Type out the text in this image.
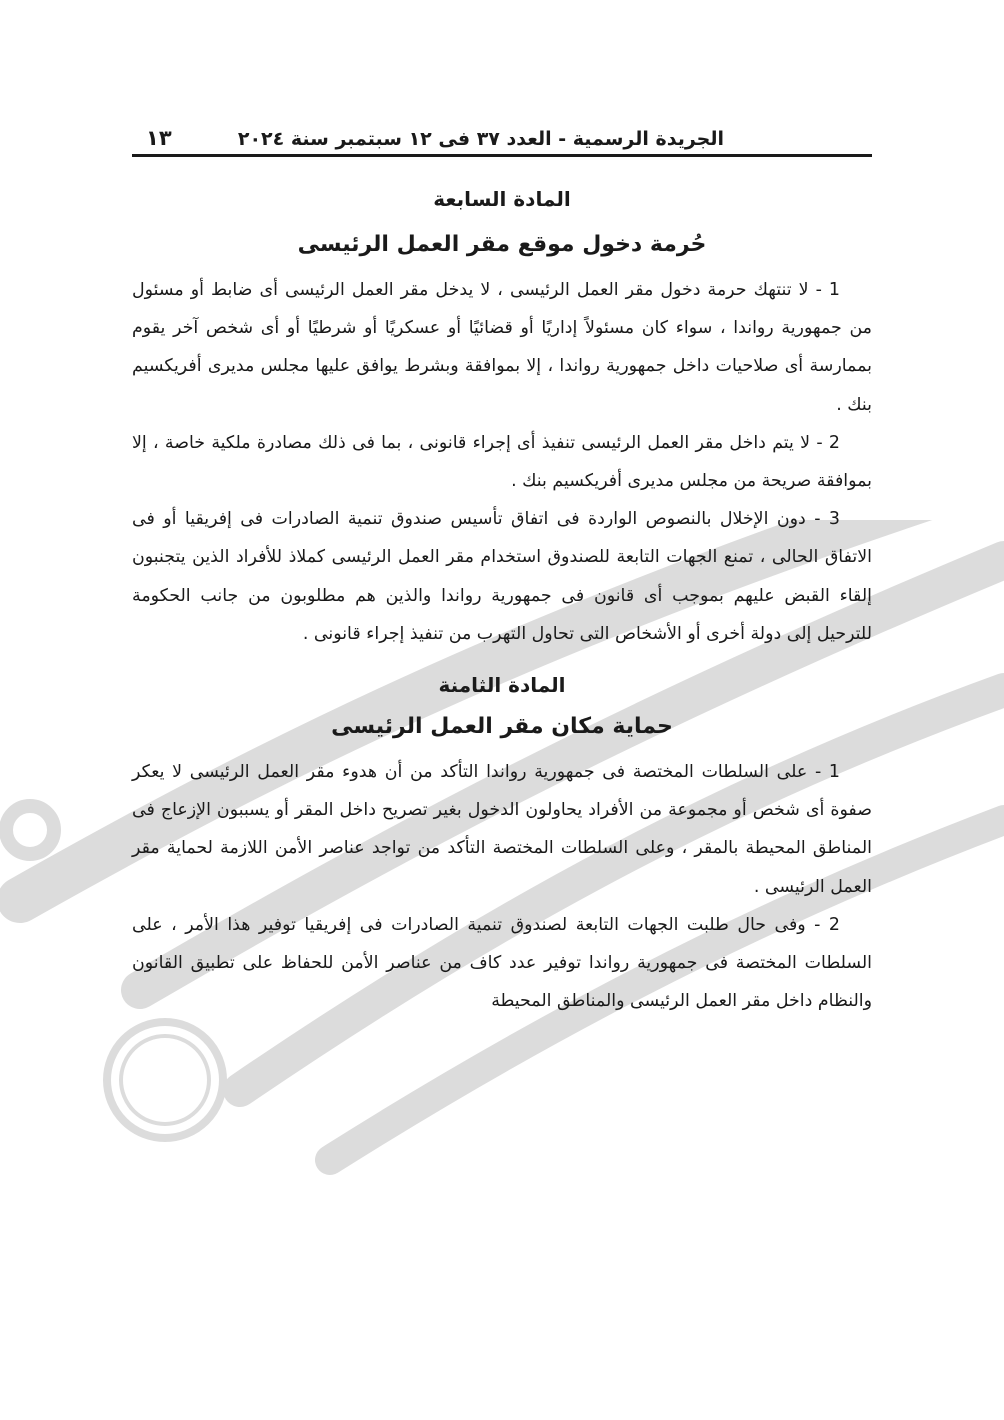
الجريدة الرسمية - العدد ٣٧ فى ١٢ سبتمبر سنة ٢٠٢٤
١٣
المادة السابعة
حُرمة دخول موقع مقر العمل الرئيسى

1 - لا تنتهك حرمة دخول مقر العمل الرئيسى ، لا يدخل مقر العمل الرئيسى أى ضابط أو مسئول من جمهورية رواندا ، سواء كان مسئولاً إداريًا أو قضائيًا أو عسكريًا أو شرطيًا أو أى شخص آخر يقوم بممارسة أى صلاحيات داخل جمهورية رواندا ، إلا بموافقة وبشرط يوافق عليها مجلس مديرى أفريكسيم بنك .

2 - لا يتم داخل مقر العمل الرئيسى تنفيذ أى إجراء قانونى ، بما فى ذلك مصادرة ملكية خاصة ، إلا بموافقة صريحة من مجلس مديرى أفريكسيم بنك .

3 - دون الإخلال بالنصوص الواردة فى اتفاق تأسيس صندوق تنمية الصادرات فى إفريقيا أو فى الاتفاق الحالى ، تمنع الجهات التابعة للصندوق استخدام مقر العمل الرئيسى كملاذ للأفراد الذين يتجنبون إلقاء القبض عليهم بموجب أى قانون فى جمهورية رواندا والذين هم مطلوبون من جانب الحكومة للترحيل إلى دولة أخرى أو الأشخاص التى تحاول التهرب من تنفيذ إجراء قانونى .

المادة الثامنة
حماية مكان مقر العمل الرئيسى

1 - على السلطات المختصة فى جمهورية رواندا التأكد من أن هدوء مقر العمل الرئيسى لا يعكر صفوة أى شخص أو مجموعة من الأفراد يحاولون الدخول بغير تصريح داخل المقر أو يسببون الإزعاج فى المناطق المحيطة بالمقر ، وعلى السلطات المختصة التأكد من تواجد عناصر الأمن اللازمة لحماية مقر العمل الرئيسى .

2 - وفى حال طلبت الجهات التابعة لصندوق تنمية الصادرات فى إفريقيا توفير هذا الأمر ، على السلطات المختصة فى جمهورية رواندا توفير عدد كاف من عناصر الأمن للحفاظ على تطبيق القانون والنظام داخل مقر العمل الرئيسى والمناطق المحيطة
